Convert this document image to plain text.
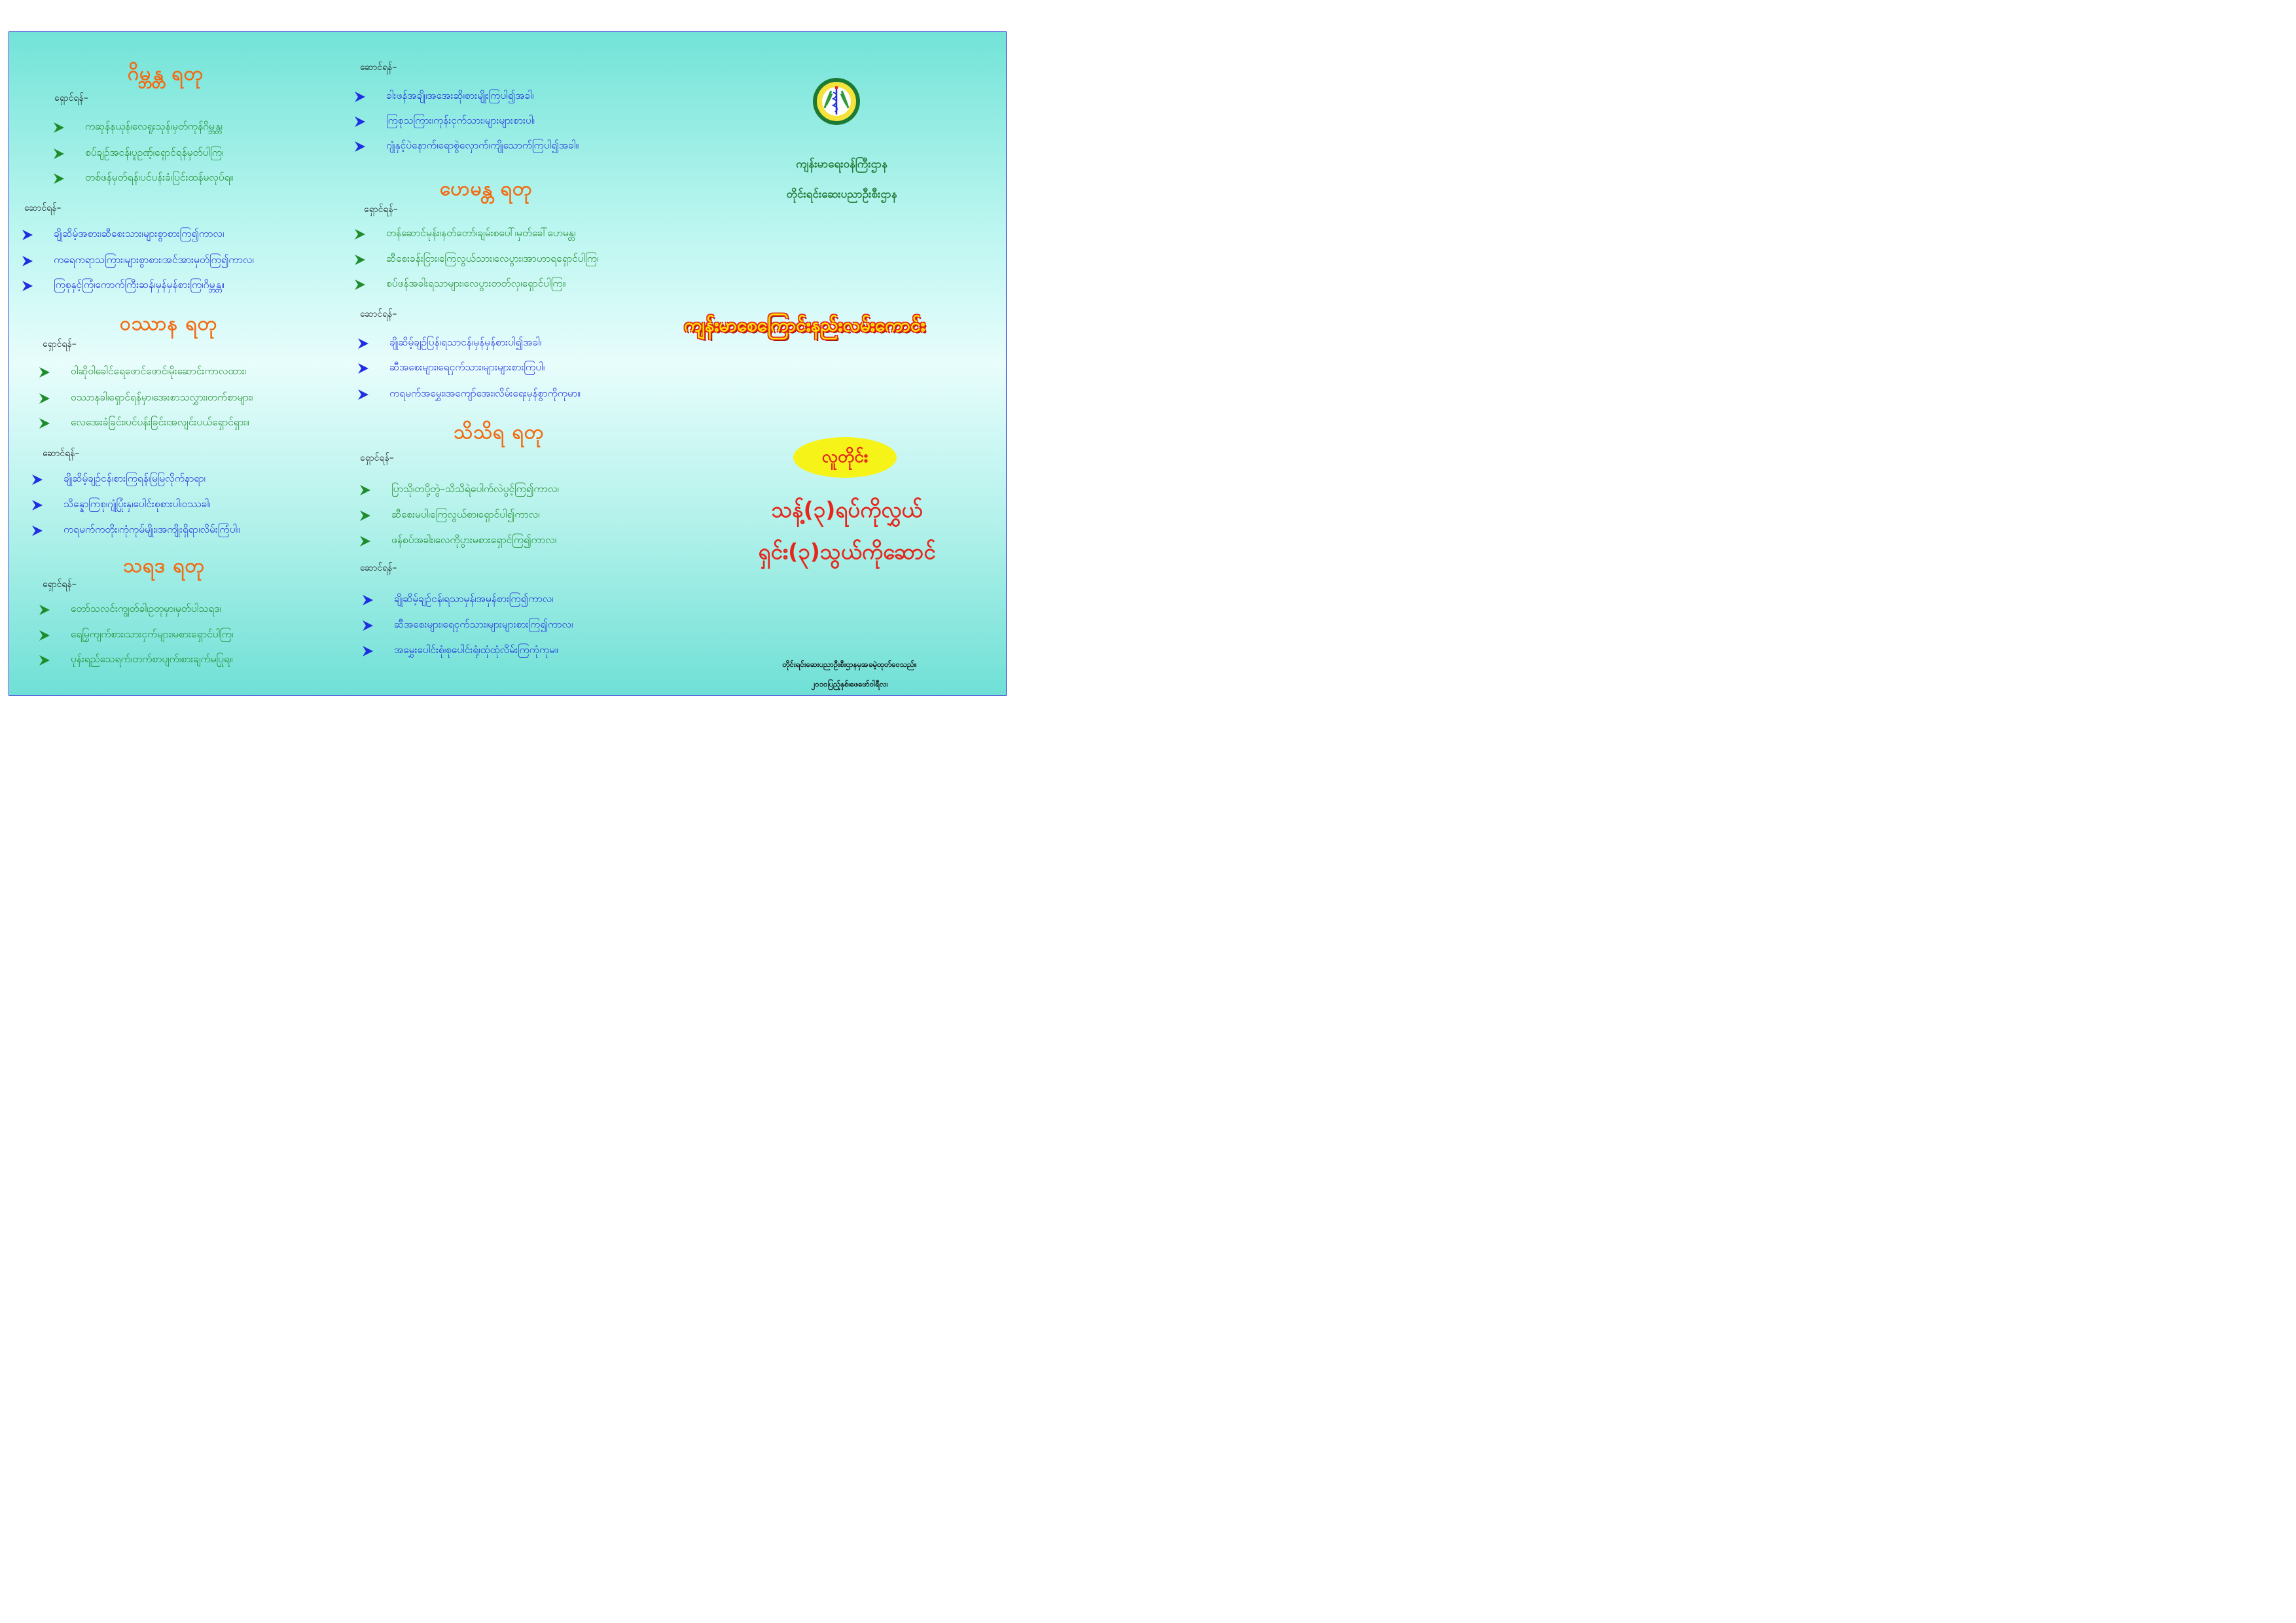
ဂိမ္ဘန္တ ရတု
ရှောင်ရန်–
ကဆုန်နယုန်၊လေရူးသုန်၊မှတ်ကုန်ဂိမ္ဘန္တ၊
စပ်ချဉ်အငန်၊ပူဥဏ့်၊ရှောင်ရန်မှတ်ပါကြ၊
တစ်ဖန်မှတ်ရန်၊ပင်ပန်းခံ၊ပြင်းထန်မလုပ်ရ။
ဆောင်ရန်–
ချိုဆိမ့်အစား၊ဆီစေးသား၊များစွာစားကြ၍ကာလ၊
ကရေကရာသကြား၊များစွာစား၊အင်အားမှတ်ကြ၍ကာလ၊
ကြစုနှင့်ကြံ၊ကောက်ကြီးဆန်၊မှန်မှန်စားကြ၊ဂိမ္ဘန္တ။
ဝဿာန ရတု
ရှောင်ရန်–
ဝါဆိုဝါခေါင်ရေဖောင်ဖောင်၊မိုးဆောင်းကာလထား၊
ဝဿာနခါ၊ရှောင်ရန်မှာ၊အေးစာသလွှား၊တက်စာများ၊
လေအေးခံခြင်း၊ပင်ပန်းခြင်း၊အလျင်းပယ်ရှောင်ရှား။
ဆောင်ရန်–
ချိုဆိမ့်ချဉ်ငန်၊စားကြရန်၊မြမြလိုက်နာရာ၊
သိန္နောကြစု၊ဂျုံပြုံးနှ၊ပေါင်းစုစားပါ၊ဝဿခါ၊
ကရမက်ကတိုး၊ကုံကုမ်မျိုး၊အကျိုးရှိရာ၊လိမ်းကြံပါ။
သရဒ ရတု
ရှောင်ရန်–
တော်သလင်းကျွတ်ခါ၊ဥတုမှာ၊မှတ်ပါသရဒ၊
ရေမြှကျက်စား၊သားငှက်များ၊မစားရှောင်ပါကြ၊
ပုန်းရည်သေရက်၊တက်စာပျက်၊စားချက်မပြုရ။
ဆောင်ရန်–
ခါးဖန်အချို၊အအေးဆို၊စားမျိုးကြပါ၍အခါ၊
ကြစုသကြား၊ကုန်းငှက်သား၊များများစားပါ၊
ဂျုံနှင့်ပဲနောက်၊ရောစွဲလှောက်၊ကျိုသောက်ကြပါ၍အခါ။
ဟေမန္တ ရတု
ရှောင်ရန်–
တန်ဆောင်မုန်း၊နတ်တော်၊ချမ်းစပေါ်၊မှတ်ခေါ်ဟေမန္တ၊
ဆီစေးခန်းငြား၊ကြေလွယ်သား၊လေပွား၊အာဟာရရှောင်ပါကြ၊
စပ်ဖန်အခါးရသာများ၊လေပွားတတ်လှ၊ရှောင်ပါကြ။
ဆောင်ရန်–
ချိုဆိမ့်ချဉ်ပြန်၊ရသာငန်၊မှန်မှန်စားပါ၍အခါ၊
ဆီအစေးများ၊ရေငှက်သား၊များများစားကြပါ၊
ကရမက်အမွှေး၊အကျော်အေး၊လိမ်းရေးမှန်စွာကိုကုမာ။
သိသိရ ရတု
ရှောင်ရန်–
ပြာသို၊တပို့တွဲ–သိသိရဲပေါက်လဲပွင့်ကြ၍ကာလ၊
ဆီစေးမပါ၊ကြေလွယ်စာ၊ရှောင်ပါ၍ကာလ၊
ဖန်စပ်အခါး၊လေကိုပွားမစားရှောင်ကြ၍ကာလ၊
ဆောင်ရန်–
ချိုဆိမ့်ချဉ်ငန်၊ရသာမှန်၊အမှန်စားကြ၍ကာလ၊
ဆီအစေးများ၊ရေငှက်သား၊များများစားကြ၍ကာလ၊
အမွှေးပေါင်းစုံ၊စုပေါင်းရုံ၊ထုံထုံလိမ်းကြကုံကုမ။
ကျန်းမာရေးဝန်ကြီးဌာန
တိုင်းရင်းဆေးပညာဦးစီးဌာန
ကျန်းမာစေကြောင်းနည်းလမ်းကောင်း
လူတိုင်း
သန့်(၃)ရပ်ကိုလွှယ်
ရှင်း(၃)သွယ်ကိုဆောင်
တိုင်းရင်းဆေးပညာဦးစီးဌာနမှအခမဲ့ထုတ်ဝေသည်။
၂၀၁၀ပြည့်နှစ်၊ဖေဖော်ဝါရီလ၊
